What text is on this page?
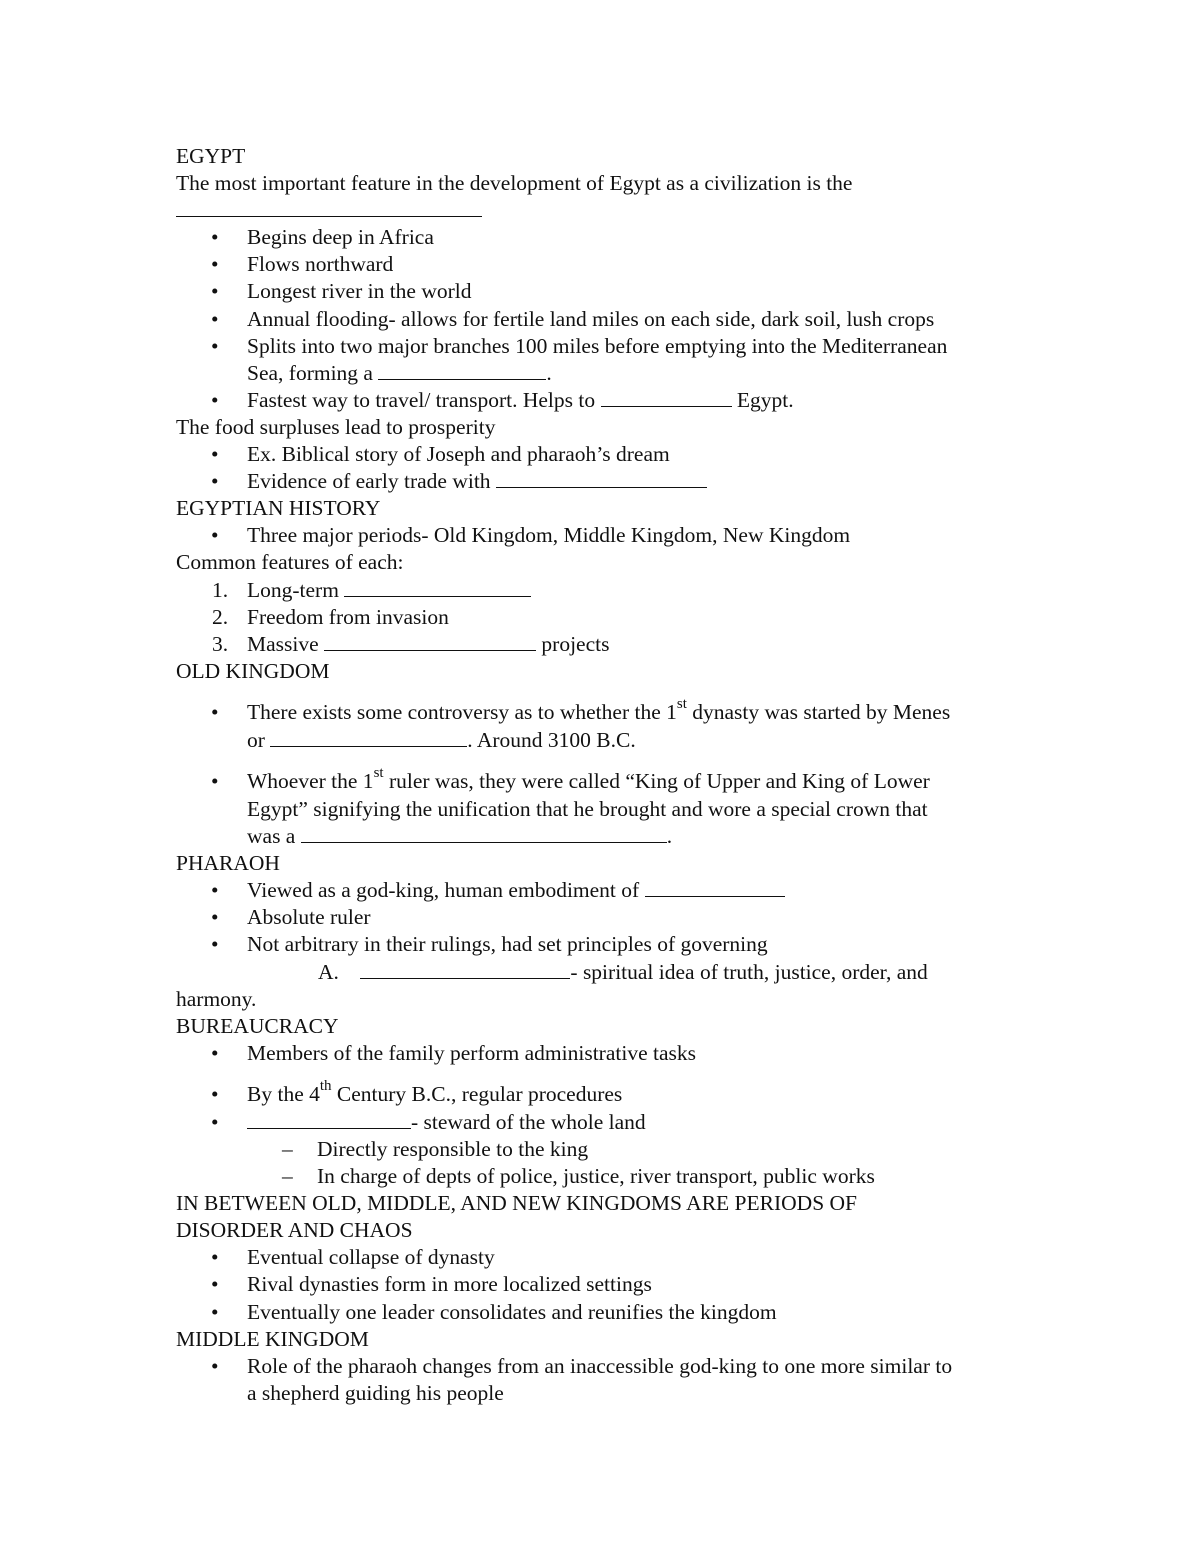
EGYPT
The most important feature in the development of Egypt as a civilization is the
• Begins deep in Africa
• Flows northward
• Longest river in the world
• Annual flooding- allows for fertile land miles on each side, dark soil, lush crops
• Splits into two major branches 100 miles before emptying into the Mediterranean
Sea, forming a	.
• Fastest way to travel/ transport. Helps to	Egypt.
The food surpluses lead to prosperity
• Ex. Biblical story of Joseph and pharaoh’s dream
• Evidence of early trade with
EGYPTIAN HISTORY
• Three major periods- Old Kingdom, Middle Kingdom, New Kingdom
Common features of each:
1. Long-term
2. Freedom from invasion
3. Massive	projects
OLD KINGDOM
• There exists some controversy as to whether the 1st dynasty was started by Menes
or	. Around 3100 B.C.
• Whoever the 1st ruler was, they were called “King of Upper and King of Lower
Egypt” signifying the unification that he brought and wore a special crown that
was a	.
PHARAOH
• Viewed as a god-king, human embodiment of
• Absolute ruler
• Not arbitrary in their rulings, had set principles of governing
A.	- spiritual idea of truth, justice, order, and
harmony.
BUREAUCRACY
• Members of the family perform administrative tasks
• By the 4th Century B.C., regular procedures
•	- steward of the whole land
– Directly responsible to the king
– In charge of depts of police, justice, river transport, public works
IN BETWEEN OLD, MIDDLE, AND NEW KINGDOMS ARE PERIODS OF
DISORDER AND CHAOS
• Eventual collapse of dynasty
• Rival dynasties form in more localized settings
• Eventually one leader consolidates and reunifies the kingdom
MIDDLE KINGDOM
• Role of the pharaoh changes from an inaccessible god-king to one more similar to
a shepherd guiding his people
